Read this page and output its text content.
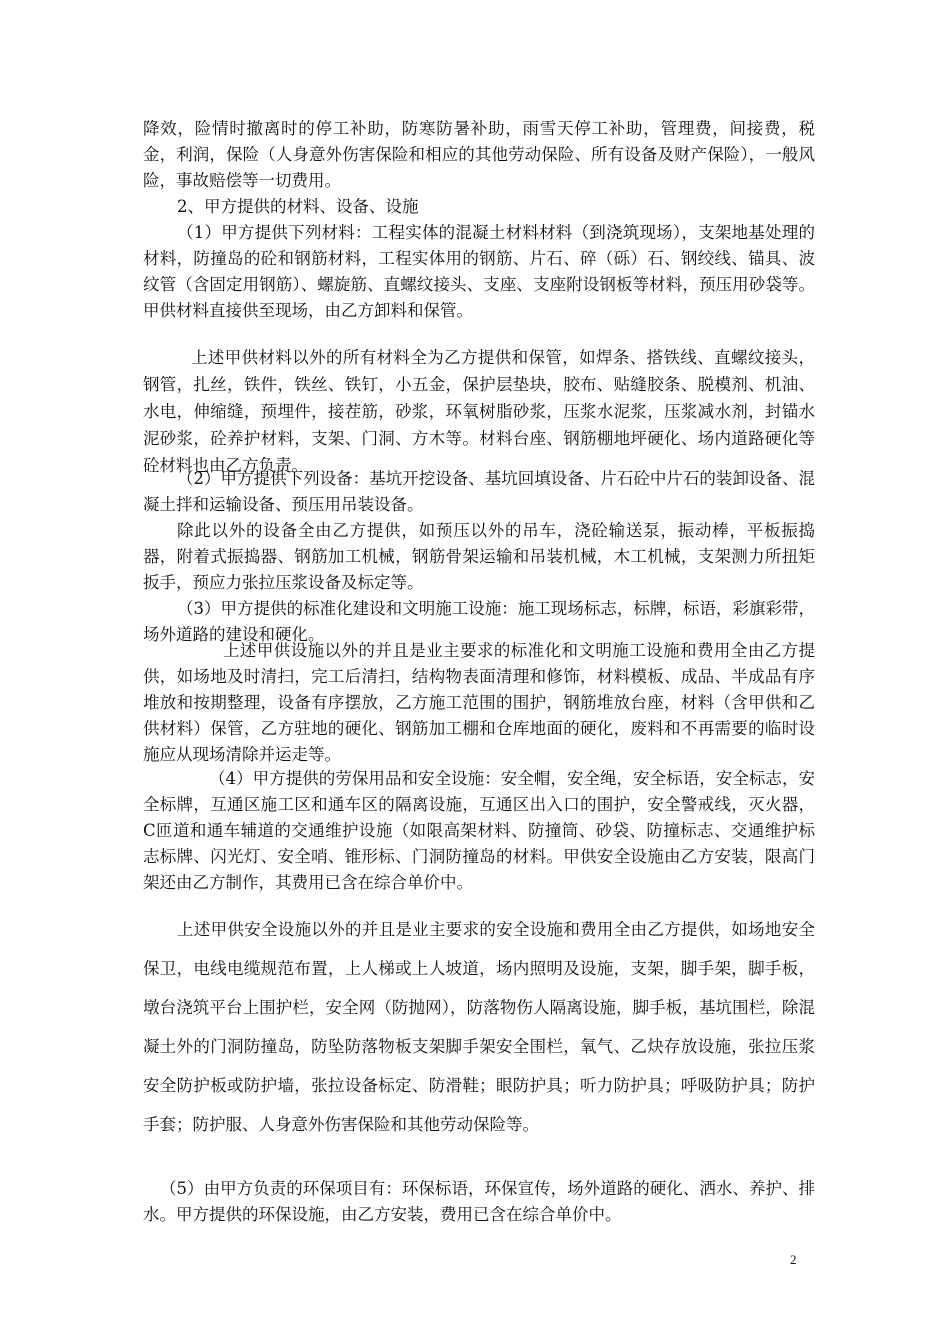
降效，险情时撤离时的停工补助，防寒防暑补助，雨雪天停工补助，管理费，间接费，税金，利润，保险（人身意外伤害保险和相应的其他劳动保险、所有设备及财产保险），一般风险，事故赔偿等一切费用。

2、甲方提供的材料、设备、设施

（1）甲方提供下列材料：工程实体的混凝土材料材料（到浇筑现场），支架地基处理的材料，防撞岛的砼和钢筋材料，工程实体用的钢筋、片石、碎（砾）石、钢绞线、锚具、波纹管（含固定用钢筋）、螺旋筋、直螺纹接头、支座、支座附设钢板等材料，预压用砂袋等。甲供材料直接供至现场，由乙方卸料和保管。

上述甲供材料以外的所有材料全为乙方提供和保管，如焊条、搭铁线、直螺纹接头，钢管，扎丝，铁件，铁丝、铁钉，小五金，保护层垫块，胶布、贴缝胶条、脱模剂、机油、水电，伸缩缝，预埋件，接茬筋，砂浆，环氧树脂砂浆，压浆水泥浆，压浆减水剂，封锚水泥砂浆，砼养护材料，支架、门洞、方木等。材料台座、钢筋棚地坪硬化、场内道路硬化等砼材料也由乙方负责。

（2）甲方提供下列设备：基坑开挖设备、基坑回填设备、片石砼中片石的装卸设备、混凝土拌和运输设备、预压用吊装设备。

除此以外的设备全由乙方提供，如预压以外的吊车，浇砼输送泵，振动棒，平板振捣器，附着式振捣器、钢筋加工机械，钢筋骨架运输和吊装机械，木工机械，支架测力所扭矩扳手，预应力张拉压浆设备及标定等。

（3）甲方提供的标准化建设和文明施工设施：施工现场标志，标牌，标语，彩旗彩带，场外道路的建设和硬化。

上述甲供设施以外的并且是业主要求的标准化和文明施工设施和费用全由乙方提供，如场地及时清扫，完工后清扫，结构物表面清理和修饰，材料模板、成品、半成品有序堆放和按期整理，设备有序摆放，乙方施工范围的围护，钢筋堆放台座，材料（含甲供和乙供材料）保管，乙方驻地的硬化、钢筋加工棚和仓库地面的硬化，废料和不再需要的临时设施应从现场清除并运走等。

（4）甲方提供的劳保用品和安全设施：安全帽，安全绳，安全标语，安全标志，安全标牌，互通区施工区和通车区的隔离设施，互通区出入口的围护，安全警戒线，灭火器，C匝道和通车辅道的交通维护设施（如限高架材料、防撞筒、砂袋、防撞标志、交通维护标志标牌、闪光灯、安全哨、锥形标、门洞防撞岛的材料。甲供安全设施由乙方安装，限高门架还由乙方制作，其费用已含在综合单价中。

上述甲供安全设施以外的并且是业主要求的安全设施和费用全由乙方提供，如场地安全保卫，电线电缆规范布置，上人梯或上人坡道，场内照明及设施，支架，脚手架，脚手板，墩台浇筑平台上围护栏，安全网（防抛网），防落物伤人隔离设施，脚手板，基坑围栏，除混凝土外的门洞防撞岛，防坠防落物板支架脚手架安全围栏，氧气、乙炔存放设施，张拉压浆安全防护板或防护墙，张拉设备标定、防滑鞋；眼防护具；听力防护具；呼吸防护具；防护手套；防护服、人身意外伤害保险和其他劳动保险等。

（5）由甲方负责的环保项目有：环保标语，环保宣传，场外道路的硬化、洒水、养护、排水。甲方提供的环保设施，由乙方安装，费用已含在综合单价中。

2
